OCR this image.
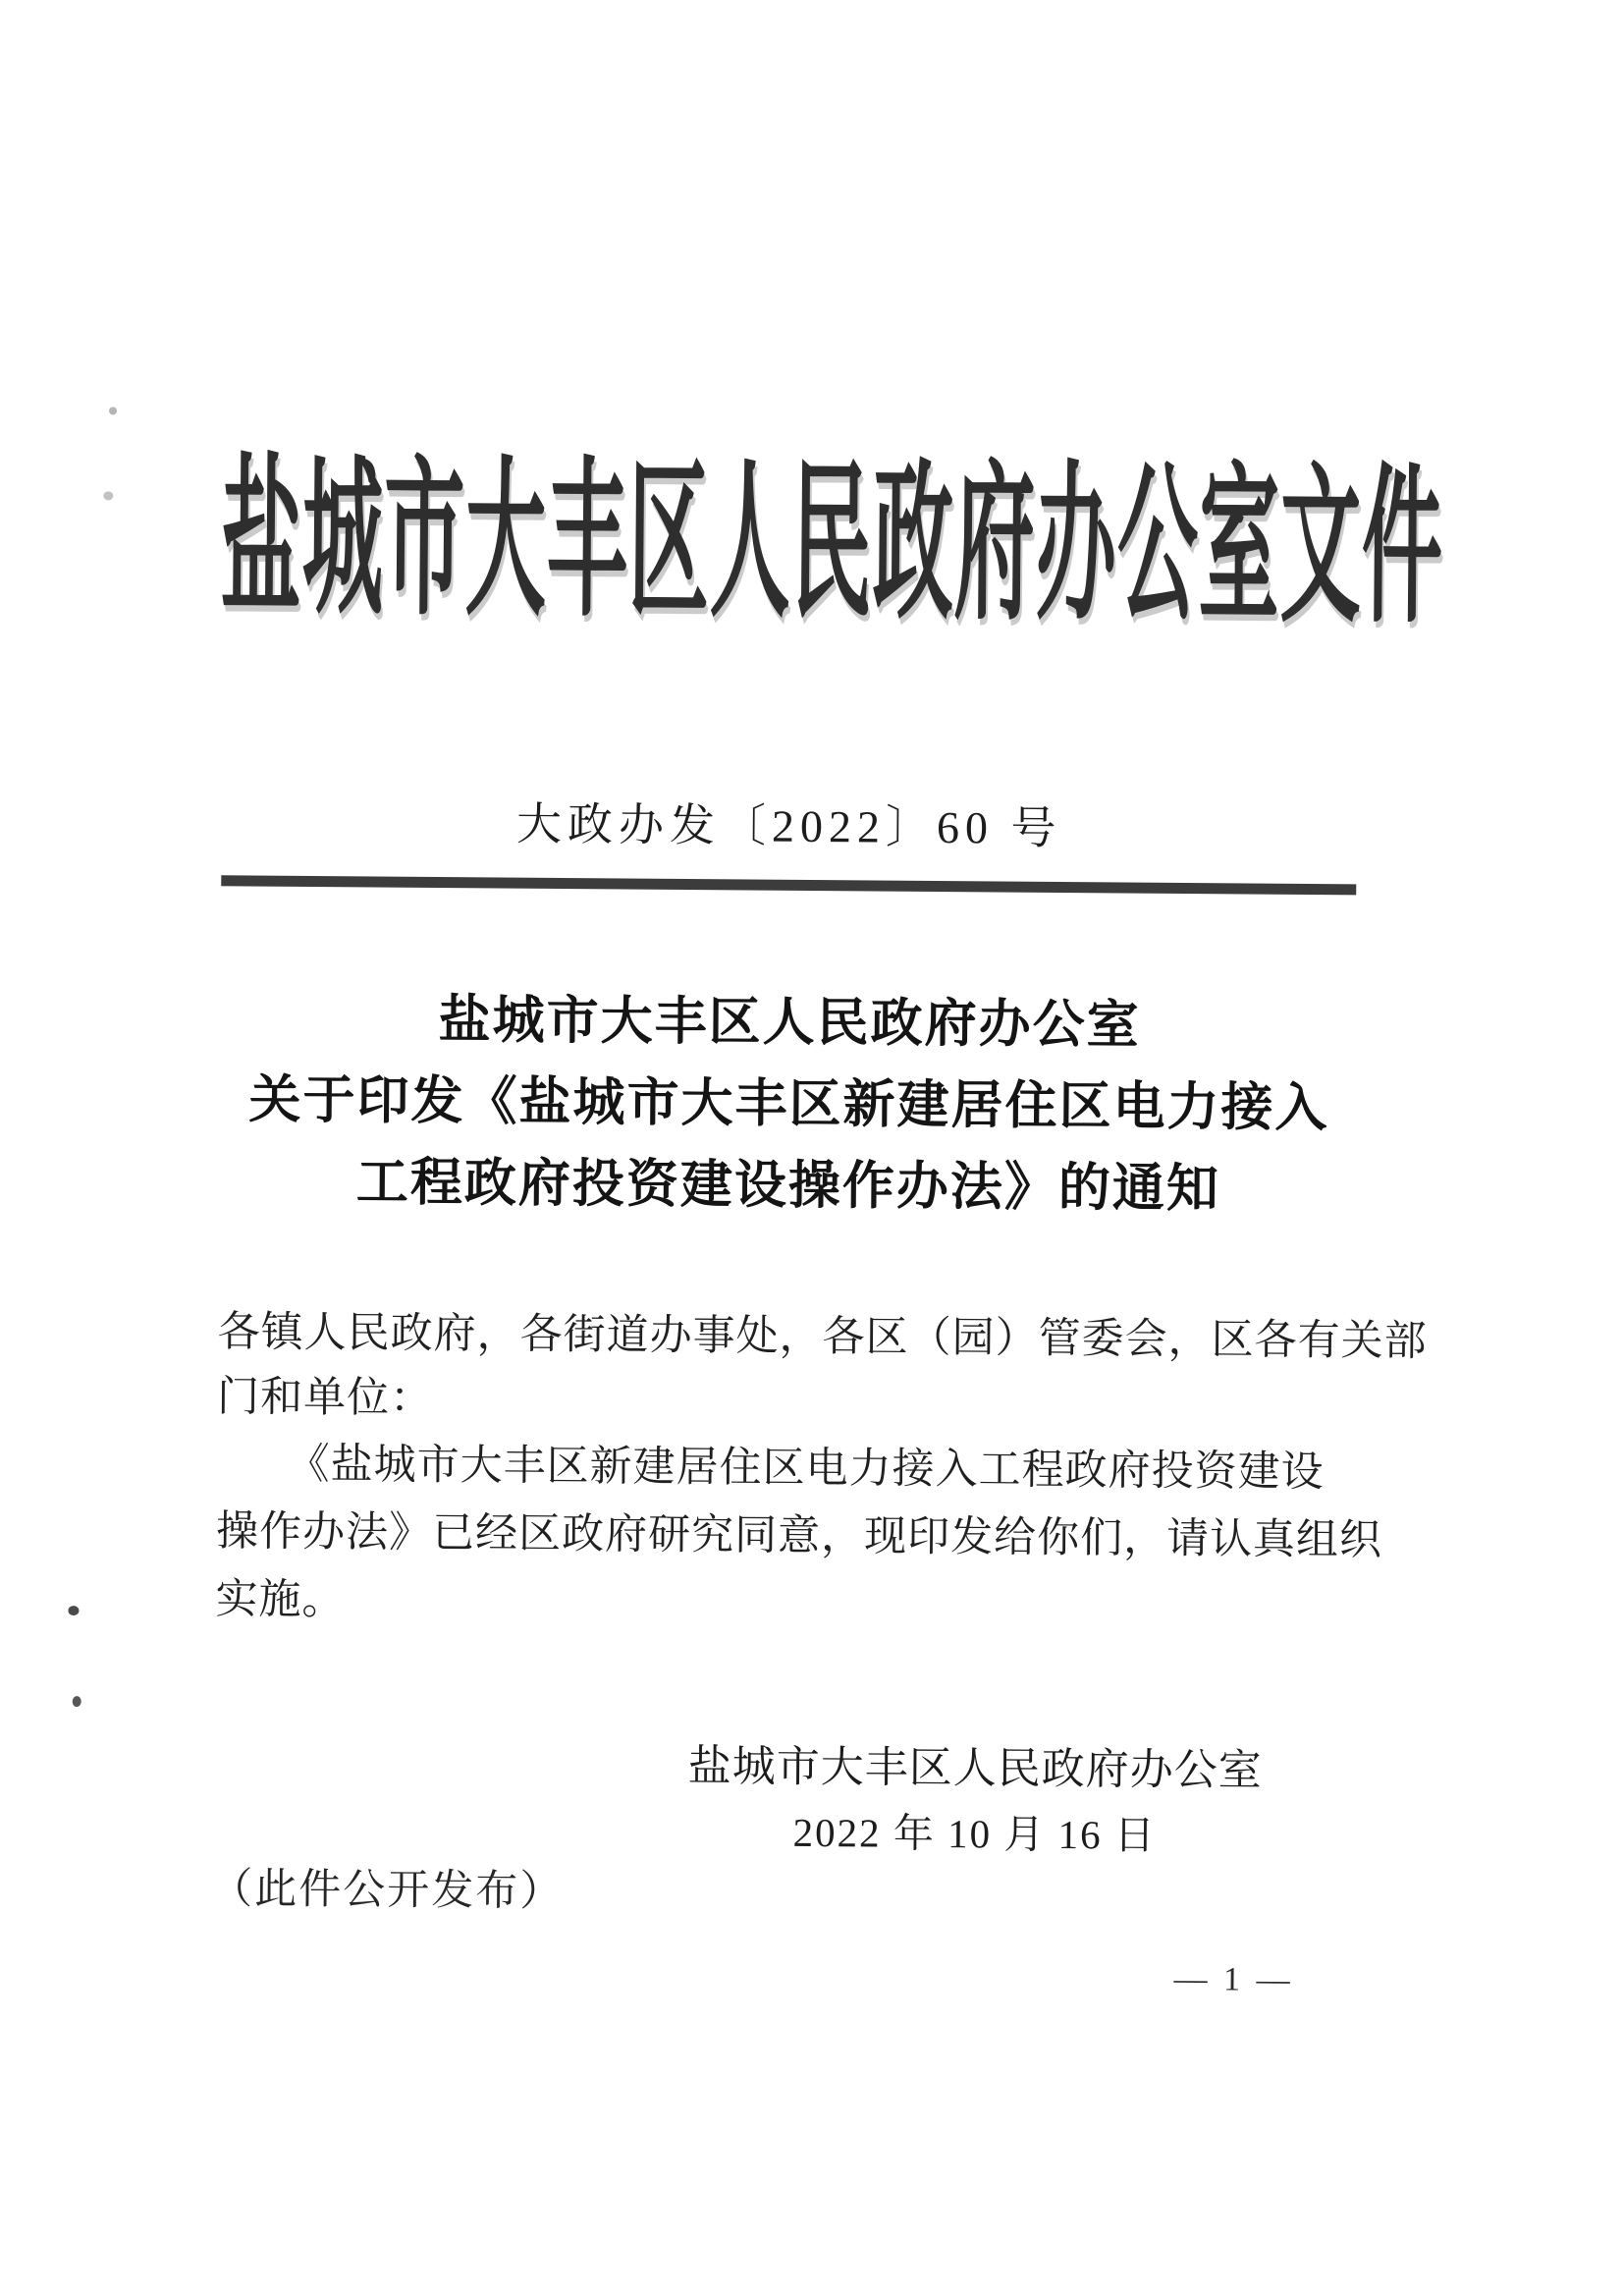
盐城市大丰区人民政府办公室文件
大政办发〔2022〕60 号
盐城市大丰区人民政府办公室
关于印发《盐城市大丰区新建居住区电力接入
工程政府投资建设操作办法》的通知
各镇人民政府，各街道办事处，各区（园）管委会，区各有关部
门和单位：
《盐城市大丰区新建居住区电力接入工程政府投资建设
操作办法》已经区政府研究同意，现印发给你们，请认真组织
实施。
盐城市大丰区人民政府办公室
2022 年 10 月 16 日
（此件公开发布）
— 1 —
